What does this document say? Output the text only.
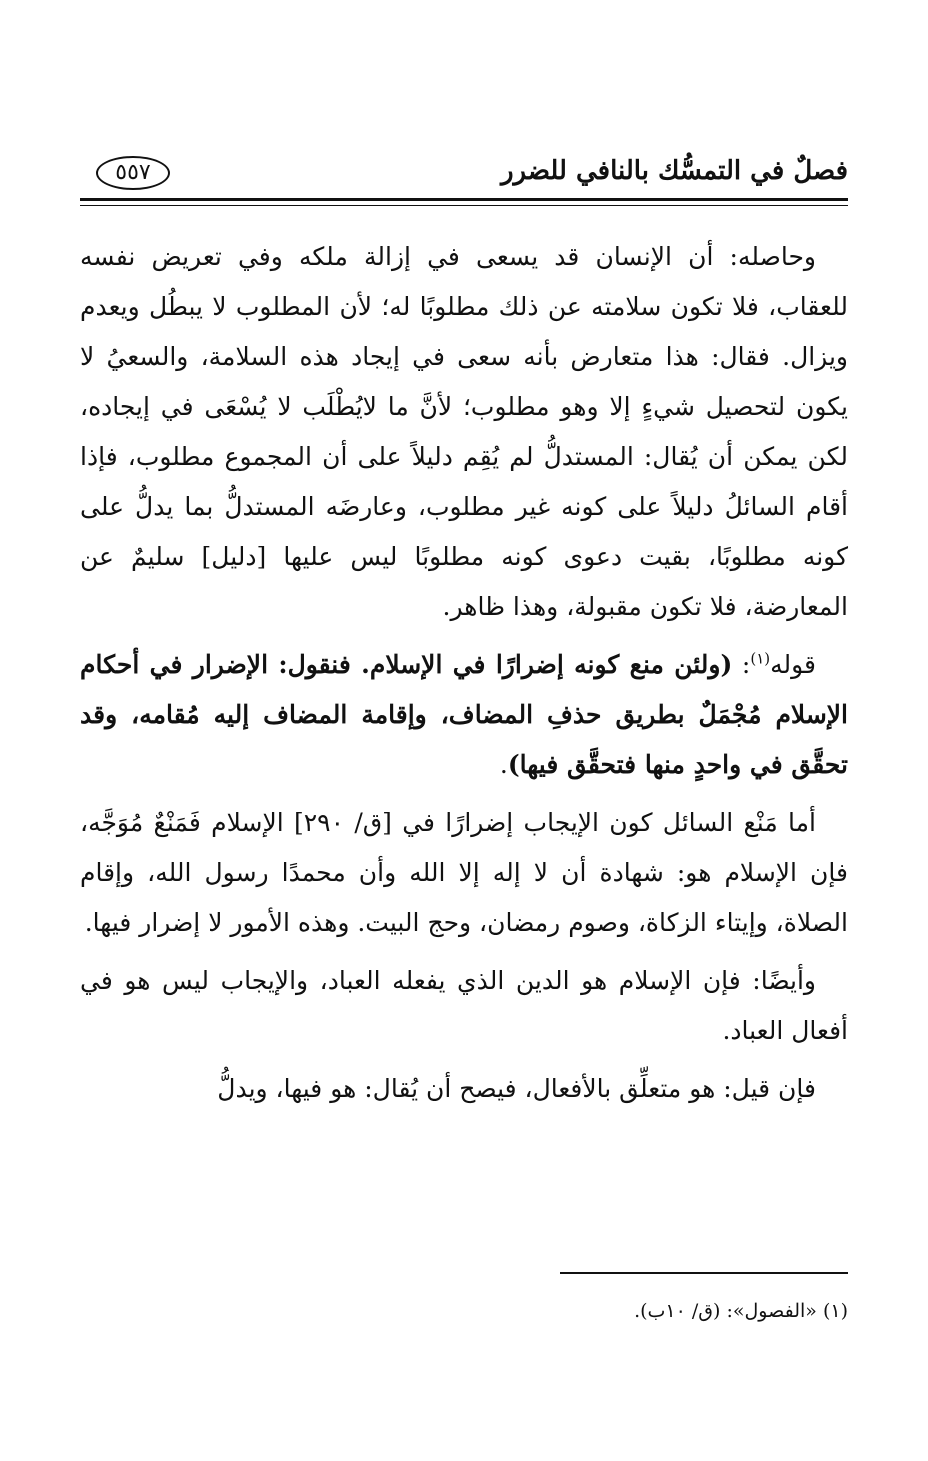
فصلٌ في التمسُّك بالنافي للضرر
٥٥٧

وحاصله: أن الإنسان قد يسعى في إزالة ملكه وفي تعريض نفسه للعقاب، فلا تكون سلامته عن ذلك مطلوبًا له؛ لأن المطلوب لا يبطُل ويعدم ويزال. فقال: هذا متعارض بأنه سعى في إيجاد هذه السلامة، والسعيُ لا يكون لتحصيل شيءٍ إلا وهو مطلوب؛ لأنَّ ما لايُطْلَب لا يُسْعَى في إيجاده، لكن يمكن أن يُقال: المستدلُّ لم يُقِم دليلاً على أن المجموع مطلوب، فإذا أقام السائلُ دليلاً على كونه غير مطلوب، وعارضَه المستدلُّ بما يدلُّ على كونه مطلوبًا، بقيت دعوى كونه مطلوبًا ليس عليها [دليل] سليمٌ عن المعارضة، فلا تكون مقبولة، وهذا ظاهر.

قوله$^{(١)}$: (ولئن منع كونه إضرارًا في الإسلام. فنقول: الإضرار في أحكام الإسلام مُجْمَلٌ بطريق حذفِ المضاف، وإقامة المضاف إليه مُقامه، وقد تحقَّق في واحدٍ منها فتحقَّق فيها).

أما مَنْع السائل كون الإيجاب إضرارًا في [ق/ ٢٩٠] الإسلام فَمَنْعٌ مُوَجَّه، فإن الإسلام هو: شهادة أن لا إله إلا الله وأن محمدًا رسول الله، وإقام الصلاة، وإيتاء الزكاة، وصوم رمضان، وحج البيت. وهذه الأمور لا إضرار فيها.

وأيضًا: فإن الإسلام هو الدين الذي يفعله العباد، والإيجاب ليس هو في أفعال العباد.

فإن قيل: هو متعلِّق بالأفعال، فيصح أن يُقال: هو فيها، ويدلُّ

(١) «الفصول»: (ق/ ١٠ب).
